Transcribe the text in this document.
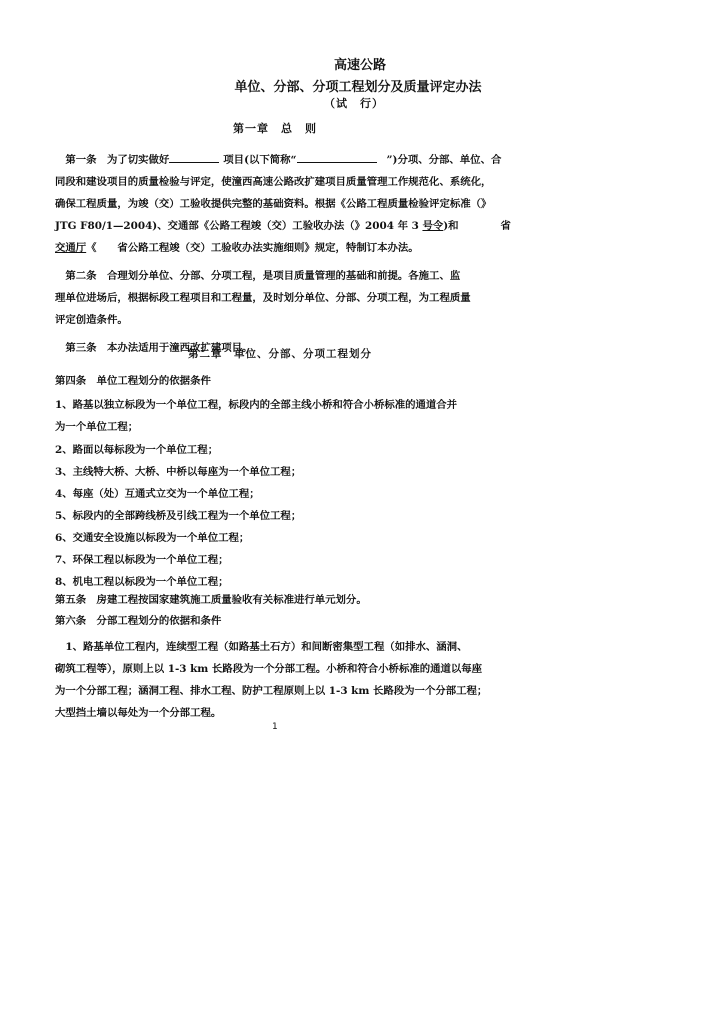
高速公路
单位、分部、分项工程划分及质量评定办法
（试　行）
第一章　总　则
　第一条　为了切实做好	项目(以下简称“	”)分项、分部、单位、合
同段和建设项目的质量检验与评定，使潼西高速公路改扩建项目质量管理工作规范化、系统化，
确保工程质量，为竣（交）工验收提供完整的基础资料。根据《公路工程质量检验评定标准（》
JTG F80/1—2004)、交通部《公路工程竣（交）工验收办法（》2004 年 3 号令)和	省
交通厅《　　省公路工程竣（交）工验收办法实施细则》规定，特制订本办法。
　第二条　合理划分单位、分部、分项工程，是项目质量管理的基础和前提。各施工、监
理单位进场后，根据标段工程项目和工程量，及时划分单位、分部、分项工程，为工程质量
评定创造条件。
　第三条　本办法适用于潼西改扩建项目。
第二章　单位、分部、分项工程划分
第四条　单位工程划分的依据条件
1、路基以独立标段为一个单位工程，标段内的全部主线小桥和符合小桥标准的通道合并
为一个单位工程；
2、路面以每标段为一个单位工程；
3、主线特大桥、大桥、中桥以每座为一个单位工程；
4、每座（处）互通式立交为一个单位工程；
5、标段内的全部跨线桥及引线工程为一个单位工程；
6、交通安全设施以标段为一个单位工程；
7、环保工程以标段为一个单位工程；
8、机电工程以标段为一个单位工程；
第五条　房建工程按国家建筑施工质量验收有关标准进行单元划分。
第六条　分部工程划分的依据和条件
　1、路基单位工程内，连续型工程（如路基土石方）和间断密集型工程（如排水、涵洞、
砌筑工程等），原则上以 1-3 km 长路段为一个分部工程。小桥和符合小桥标准的通道以每座
为一个分部工程；涵洞工程、排水工程、防护工程原则上以 1-3 km 长路段为一个分部工程；
大型挡土墙以每处为一个分部工程。
1
